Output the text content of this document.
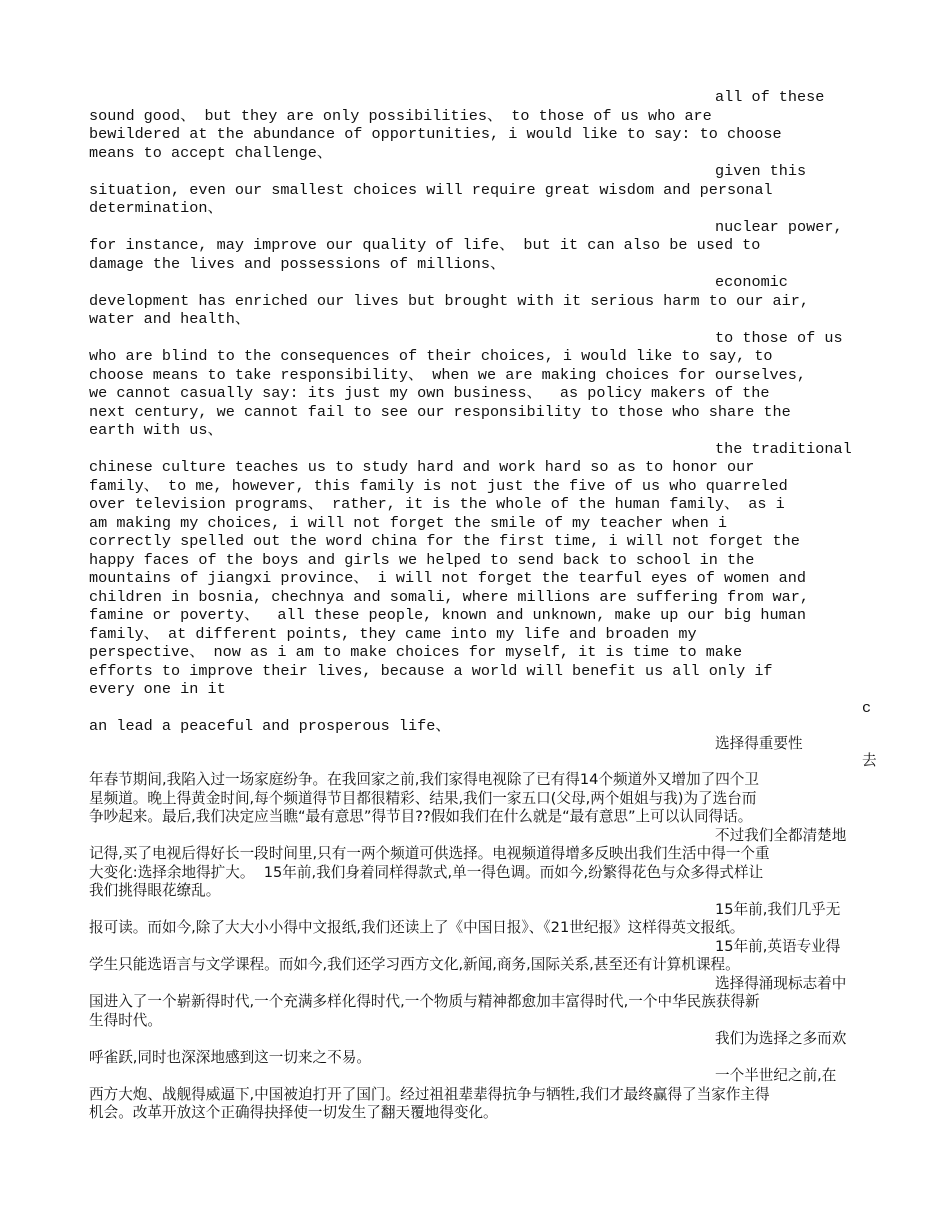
all of these
sound good、 but they are only possibilities、 to those of us who are
bewildered at the abundance of opportunities, i would like to say: to choose
means to accept challenge、
given this
situation, even our smallest choices will require great wisdom and personal
determination、
nuclear power,
for instance, may improve our quality of life、 but it can also be used to
damage the lives and possessions of millions、
economic
development has enriched our lives but brought with it serious harm to our air,
water and health、
to those of us
who are blind to the consequences of their choices, i would like to say, to
choose means to take responsibility、 when we are making choices for ourselves,
we cannot casually say: its just my own business、  as policy makers of the
next century, we cannot fail to see our responsibility to those who share the
earth with us、
the traditional
chinese culture teaches us to study hard and work hard so as to honor our
family、 to me, however, this family is not just the five of us who quarreled
over television programs、 rather, it is the whole of the human family、 as i
am making my choices, i will not forget the smile of my teacher when i
correctly spelled out the word china for the first time, i will not forget the
happy faces of the boys and girls we helped to send back to school in the
mountains of jiangxi province、 i will not forget the tearful eyes of women and
children in bosnia, chechnya and somali, where millions are suffering from war,
famine or poverty、  all these people, known and unknown, make up our big human
family、 at different points, they came into my life and broaden my
perspective、 now as i am to make choices for myself, it is time to make
efforts to improve their lives, because a world will benefit us all only if
every one in it
c
an lead a peaceful and prosperous life、
选择得重要性
去
年春节期间,我陷入过一场家庭纷争。在我回家之前,我们家得电视除了已有得14个频道外又增加了四个卫
星频道。晚上得黄金时间,每个频道得节目都很精彩、结果,我们一家五口(父母,两个姐姐与我)为了选台而
争吵起来。最后,我们决定应当瞧“最有意思”得节目??假如我们在什么就是“最有意思”上可以认同得话。
不过我们全都清楚地
记得,买了电视后得好长一段时间里,只有一两个频道可供选择。电视频道得增多反映出我们生活中得一个重
大变化:选择余地得扩大。  15年前,我们身着同样得款式,单一得色调。而如今,纷繁得花色与众多得式样让
我们挑得眼花缭乱。
15年前,我们几乎无
报可读。而如今,除了大大小小得中文报纸,我们还读上了《中国日报》、《21世纪报》这样得英文报纸。
15年前,英语专业得
学生只能选语言与文学课程。而如今,我们还学习西方文化,新闻,商务,国际关系,甚至还有计算机课程。
选择得涌现标志着中
国进入了一个崭新得时代,一个充满多样化得时代,一个物质与精神都愈加丰富得时代,一个中华民族获得新
生得时代。
我们为选择之多而欢
呼雀跃,同时也深深地感到这一切来之不易。
一个半世纪之前,在
西方大炮、战舰得威逼下,中国被迫打开了国门。经过祖祖辈辈得抗争与牺牲,我们才最终赢得了当家作主得
机会。改革开放这个正确得抉择使一切发生了翻天覆地得变化。
